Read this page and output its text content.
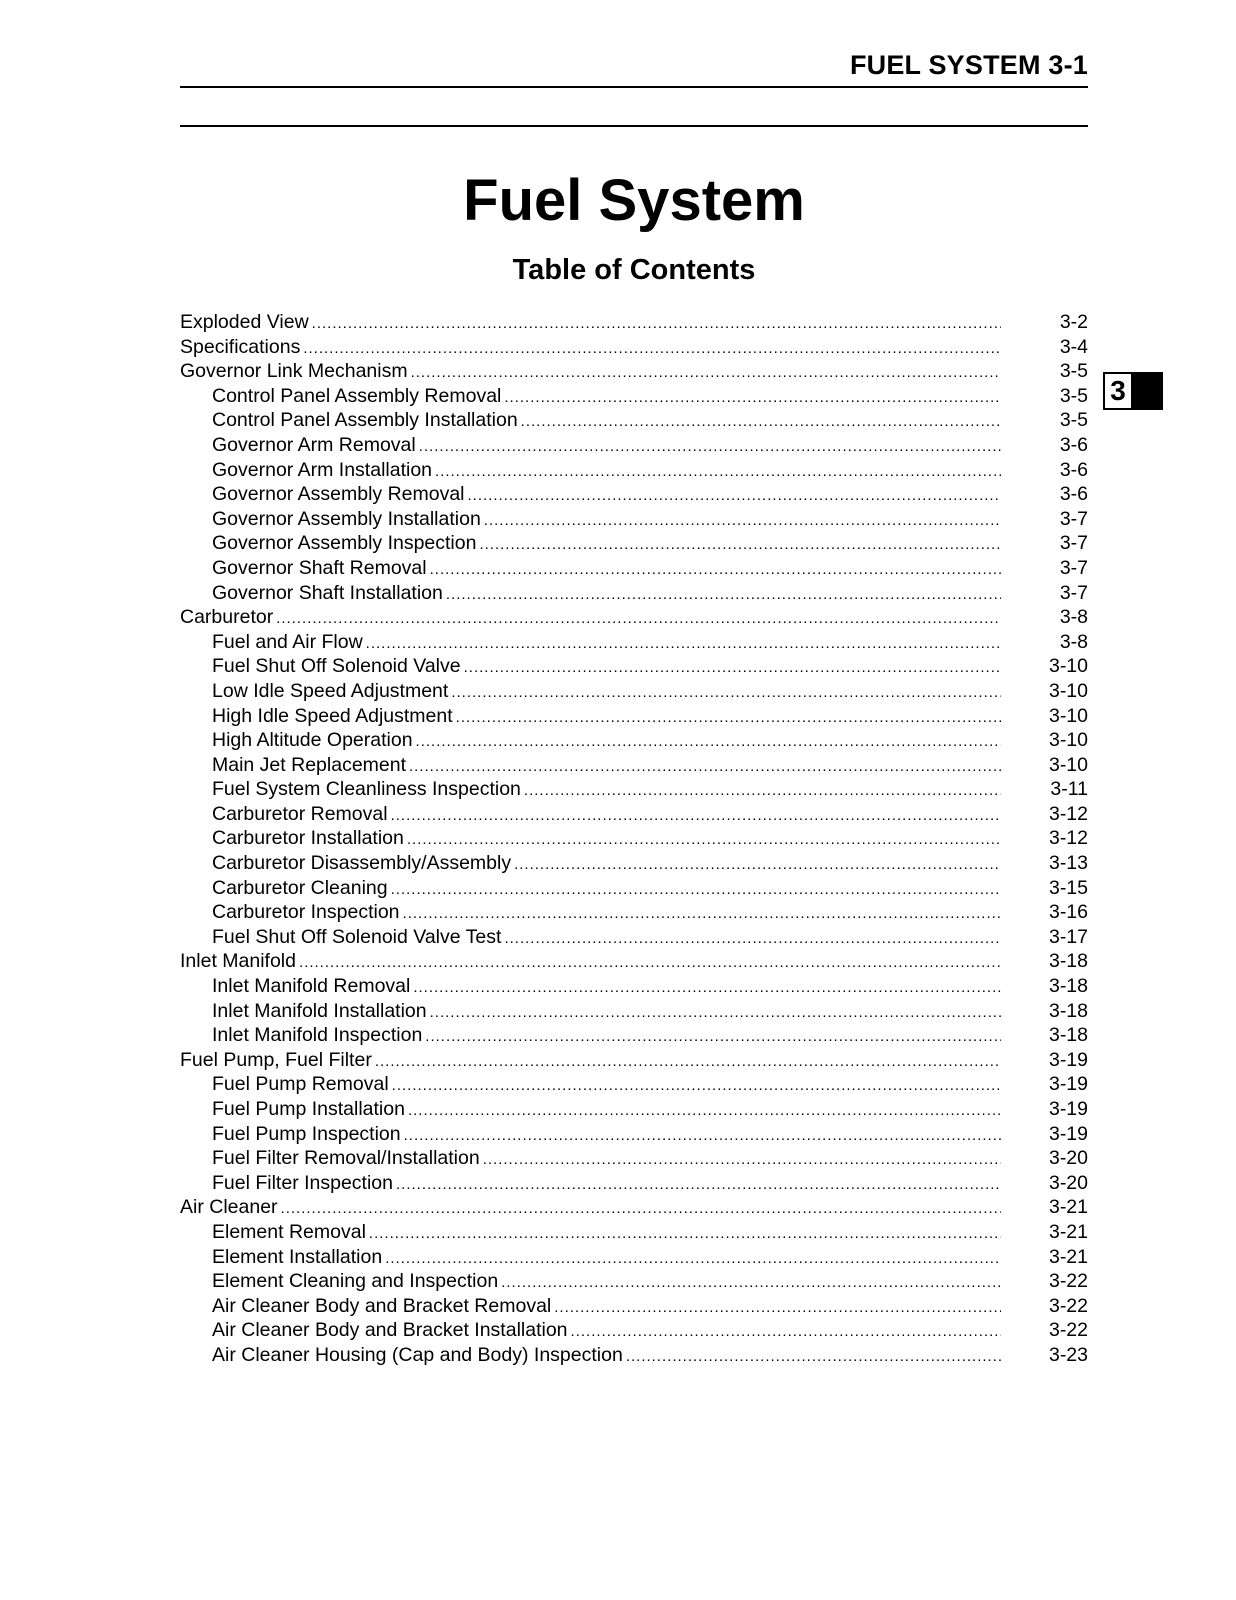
FUEL SYSTEM 3-1
Fuel System
Table of Contents
3
Exploded View .....	3-2
Specifications .....	3-4
Governor Link Mechanism .....	3-5
Control Panel Assembly Removal .....	3-5
Control Panel Assembly Installation .....	3-5
Governor Arm Removal .....	3-6
Governor Arm Installation .....	3-6
Governor Assembly Removal .....	3-6
Governor Assembly Installation .....	3-7
Governor Assembly Inspection .....	3-7
Governor Shaft Removal .....	3-7
Governor Shaft Installation .....	3-7
Carburetor .....	3-8
Fuel and Air Flow .....	3-8
Fuel Shut Off Solenoid Valve .....	3-10
Low Idle Speed Adjustment .....	3-10
High Idle Speed Adjustment .....	3-10
High Altitude Operation .....	3-10
Main Jet Replacement .....	3-10
Fuel System Cleanliness Inspection .....	3-11
Carburetor Removal .....	3-12
Carburetor Installation .....	3-12
Carburetor Disassembly/Assembly .....	3-13
Carburetor Cleaning .....	3-15
Carburetor Inspection .....	3-16
Fuel Shut Off Solenoid Valve Test .....	3-17
Inlet Manifold .....	3-18
Inlet Manifold Removal .....	3-18
Inlet Manifold Installation .....	3-18
Inlet Manifold Inspection .....	3-18
Fuel Pump, Fuel Filter .....	3-19
Fuel Pump Removal .....	3-19
Fuel Pump Installation .....	3-19
Fuel Pump Inspection .....	3-19
Fuel Filter Removal/Installation .....	3-20
Fuel Filter Inspection .....	3-20
Air Cleaner .....	3-21
Element Removal .....	3-21
Element Installation .....	3-21
Element Cleaning and Inspection .....	3-22
Air Cleaner Body and Bracket Removal .....	3-22
Air Cleaner Body and Bracket Installation .....	3-22
Air Cleaner Housing (Cap and Body) Inspection .....	3-23
